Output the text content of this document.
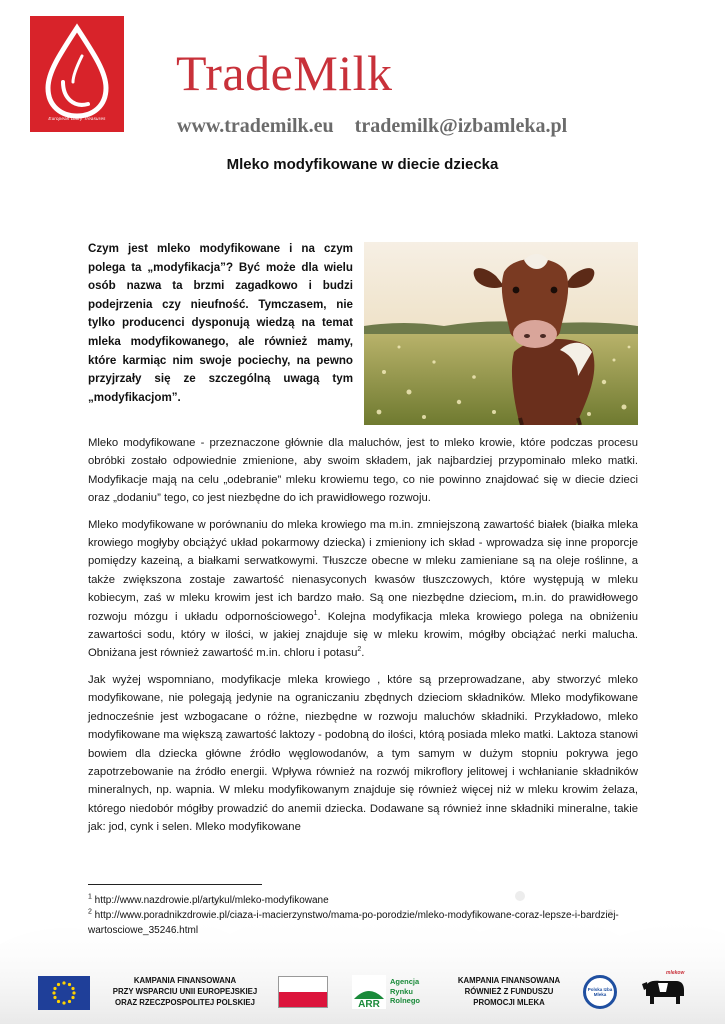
European Dairy Treasures
TradeMilk
www.trademilk.eu trademilk@izbamleka.pl
Mleko modyfikowane w diecie dziecka
Czym jest mleko modyfikowane i na czym polega ta „modyfikacja”? Być może dla wielu osób nazwa ta brzmi zagadkowo i budzi podejrzenia czy nieufność. Tymczasem, nie tylko producenci dysponują wiedzą na temat mleka modyfikowanego, ale również mamy, które karmiąc nim swoje pociechy, na pewno przyjrzały się ze szczególną uwagą tym „modyfikacjom”.

Mleko modyfikowane - przeznaczone głównie dla maluchów, jest to mleko krowie, które podczas procesu obróbki zostało odpowiednie zmienione, aby swoim składem, jak najbardziej przypominało mleko matki. Modyfikacje mają na celu „odebranie” mleku krowiemu tego, co nie powinno znajdować się w diecie dzieci oraz „dodaniu” tego, co jest niezbędne do ich prawidłowego rozwoju.

Mleko modyfikowane w porównaniu do mleka krowiego ma m.in. zmniejszoną zawartość białek (białka mleka krowiego mogłyby obciążyć układ pokarmowy dziecka) i zmieniony ich skład - wprowadza się inne proporcje pomiędzy kazeiną, a białkami serwatkowymi. Tłuszcze obecne w mleku zamieniane są na oleje roślinne, a także zwiększona zostaje zawartość nienasyconych kwasów tłuszczowych, które występują w mleku kobiecym, zaś w mleku krowim jest ich bardzo mało. Są one niezbędne dzieciom, m.in. do prawidłowego rozwoju mózgu i układu odpornościowego$^1$. Kolejna modyfikacja mleka krowiego polega na obniżeniu zawartości sodu, który w ilości, w jakiej znajduje się w mleku krowim, mógłby obciążać nerki malucha. Obniżana jest również zawartość m.in. chloru i potasu$^2$.

Jak wyżej wspomniano, modyfikacje mleka krowiego , które są przeprowadzane, aby stworzyć mleko modyfikowane, nie polegają jedynie na ograniczaniu zbędnych dzieciom składników. Mleko modyfikowane jednocześnie jest wzbogacane o różne, niezbędne w rozwoju maluchów składniki. Przykładowo, mleko modyfikowane ma większą zawartość laktozy - podobną do ilości, którą posiada mleko matki. Laktoza stanowi bowiem dla dziecka główne źródło węglowodanów, a tym samym w dużym stopniu pokrywa jego zapotrzebowanie na źródło energii. Wpływa również na rozwój mikroflory jelitowej i wchłanianie składników mineralnych, np. wapnia. W mleku modyfikowanym znajduje się również więcej niż w mleku krowim żelaza, którego niedobór mógłby prowadzić do anemii dziecka. Dodawane są również inne składniki mineralne, takie jak: jod, cynk i selen. Mleko modyfikowane

$^1$ http://www.nazdrowie.pl/artykul/mleko-modyfikowane
$^2$ http://www.poradnikzdrowie.pl/ciaza-i-macierzynstwo/mama-po-porodzie/mleko-modyfikowane-coraz-lepsze-i-bardziej-wartosciowe_35246.html
KAMPANIA FINANSOWANA
PRZY WSPARCIU UNII EUROPEJSKIEJ
ORAZ RZECZPOSPOLITEJ POLSKIEJ	ARR
Agencja
Rynku
Rolnego
KAMPANIA FINANSOWANA
RÓWNIEŻ Z FUNDUSZU
PROMOCJI MLEKA
Polska Izba Mleka
mlekow
